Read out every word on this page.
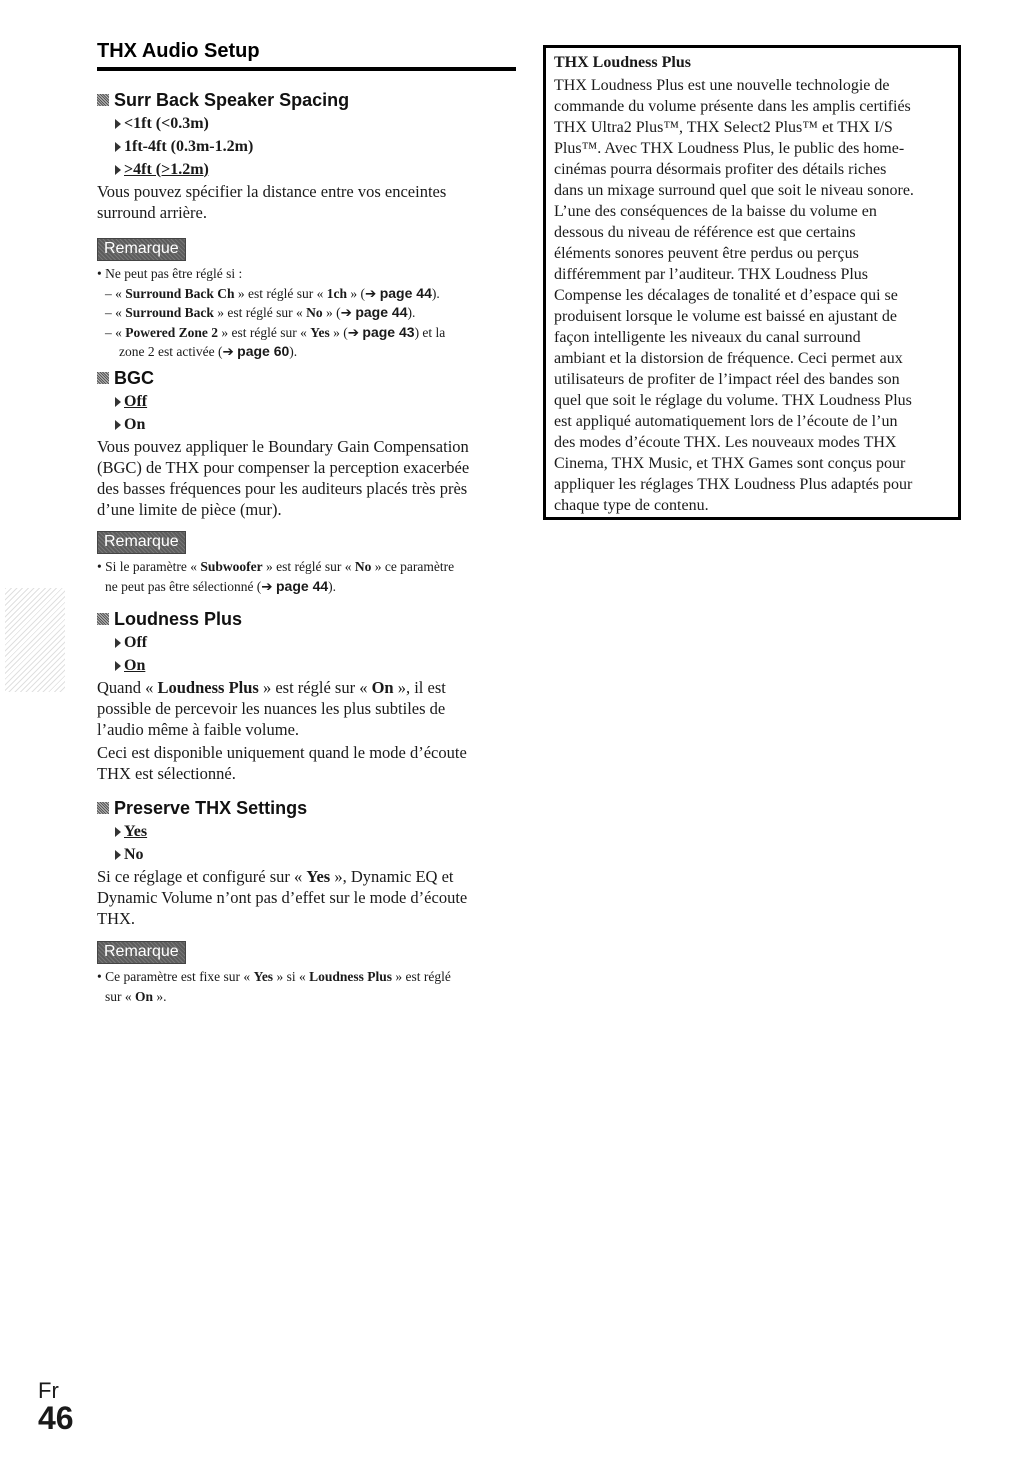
THX Audio Setup
Surr Back Speaker Spacing
<1ft (<0.3m)
1ft-4ft (0.3m-1.2m)
>4ft (>1.2m)
Vous pouvez spécifier la distance entre vos enceintes
surround arrière.
Remarque
• Ne peut pas être réglé si :
– « Surround Back Ch » est réglé sur « 1ch » (➔ page 44).
– « Surround Back » est réglé sur « No » (➔ page 44).
– « Powered Zone 2 » est réglé sur « Yes » (➔ page 43) et la
zone 2 est activée (➔ page 60).
BGC
Off
On
Vous pouvez appliquer le Boundary Gain Compensation
(BGC) de THX pour compenser la perception exacerbée
des basses fréquences pour les auditeurs placés très près
d’une limite de pièce (mur).
Remarque
• Si le paramètre « Subwoofer » est réglé sur « No » ce paramètre
ne peut pas être sélectionné (➔ page 44).
Loudness Plus
Off
On
Quand « Loudness Plus » est réglé sur « On », il est
possible de percevoir les nuances les plus subtiles de
l’audio même à faible volume.
Ceci est disponible uniquement quand le mode d’écoute
THX est sélectionné.
Preserve THX Settings
Yes
No
Si ce réglage et configuré sur « Yes », Dynamic EQ et
Dynamic Volume n’ont pas d’effet sur le mode d’écoute
THX.
Remarque
• Ce paramètre est fixe sur « Yes » si « Loudness Plus » est réglé
sur « On ».
THX Loudness Plus
THX Loudness Plus est une nouvelle technologie de
commande du volume présente dans les amplis certifiés
THX Ultra2 Plus™, THX Select2 Plus™ et THX I/S
Plus™. Avec THX Loudness Plus, le public des home-
cinémas pourra désormais profiter des détails riches
dans un mixage surround quel que soit le niveau sonore.
L’une des conséquences de la baisse du volume en
dessous du niveau de référence est que certains
éléments sonores peuvent être perdus ou perçus
différemment par l’auditeur. THX Loudness Plus
Compense les décalages de tonalité et d’espace qui se
produisent lorsque le volume est baissé en ajustant de
façon intelligente les niveaux du canal surround
ambiant et la distorsion de fréquence. Ceci permet aux
utilisateurs de profiter de l’impact réel des bandes son
quel que soit le réglage du volume. THX Loudness Plus
est appliqué automatiquement lors de l’écoute de l’un
des modes d’écoute THX. Les nouveaux modes THX
Cinema, THX Music, et THX Games sont conçus pour
appliquer les réglages THX Loudness Plus adaptés pour
chaque type de contenu.
Fr
46
